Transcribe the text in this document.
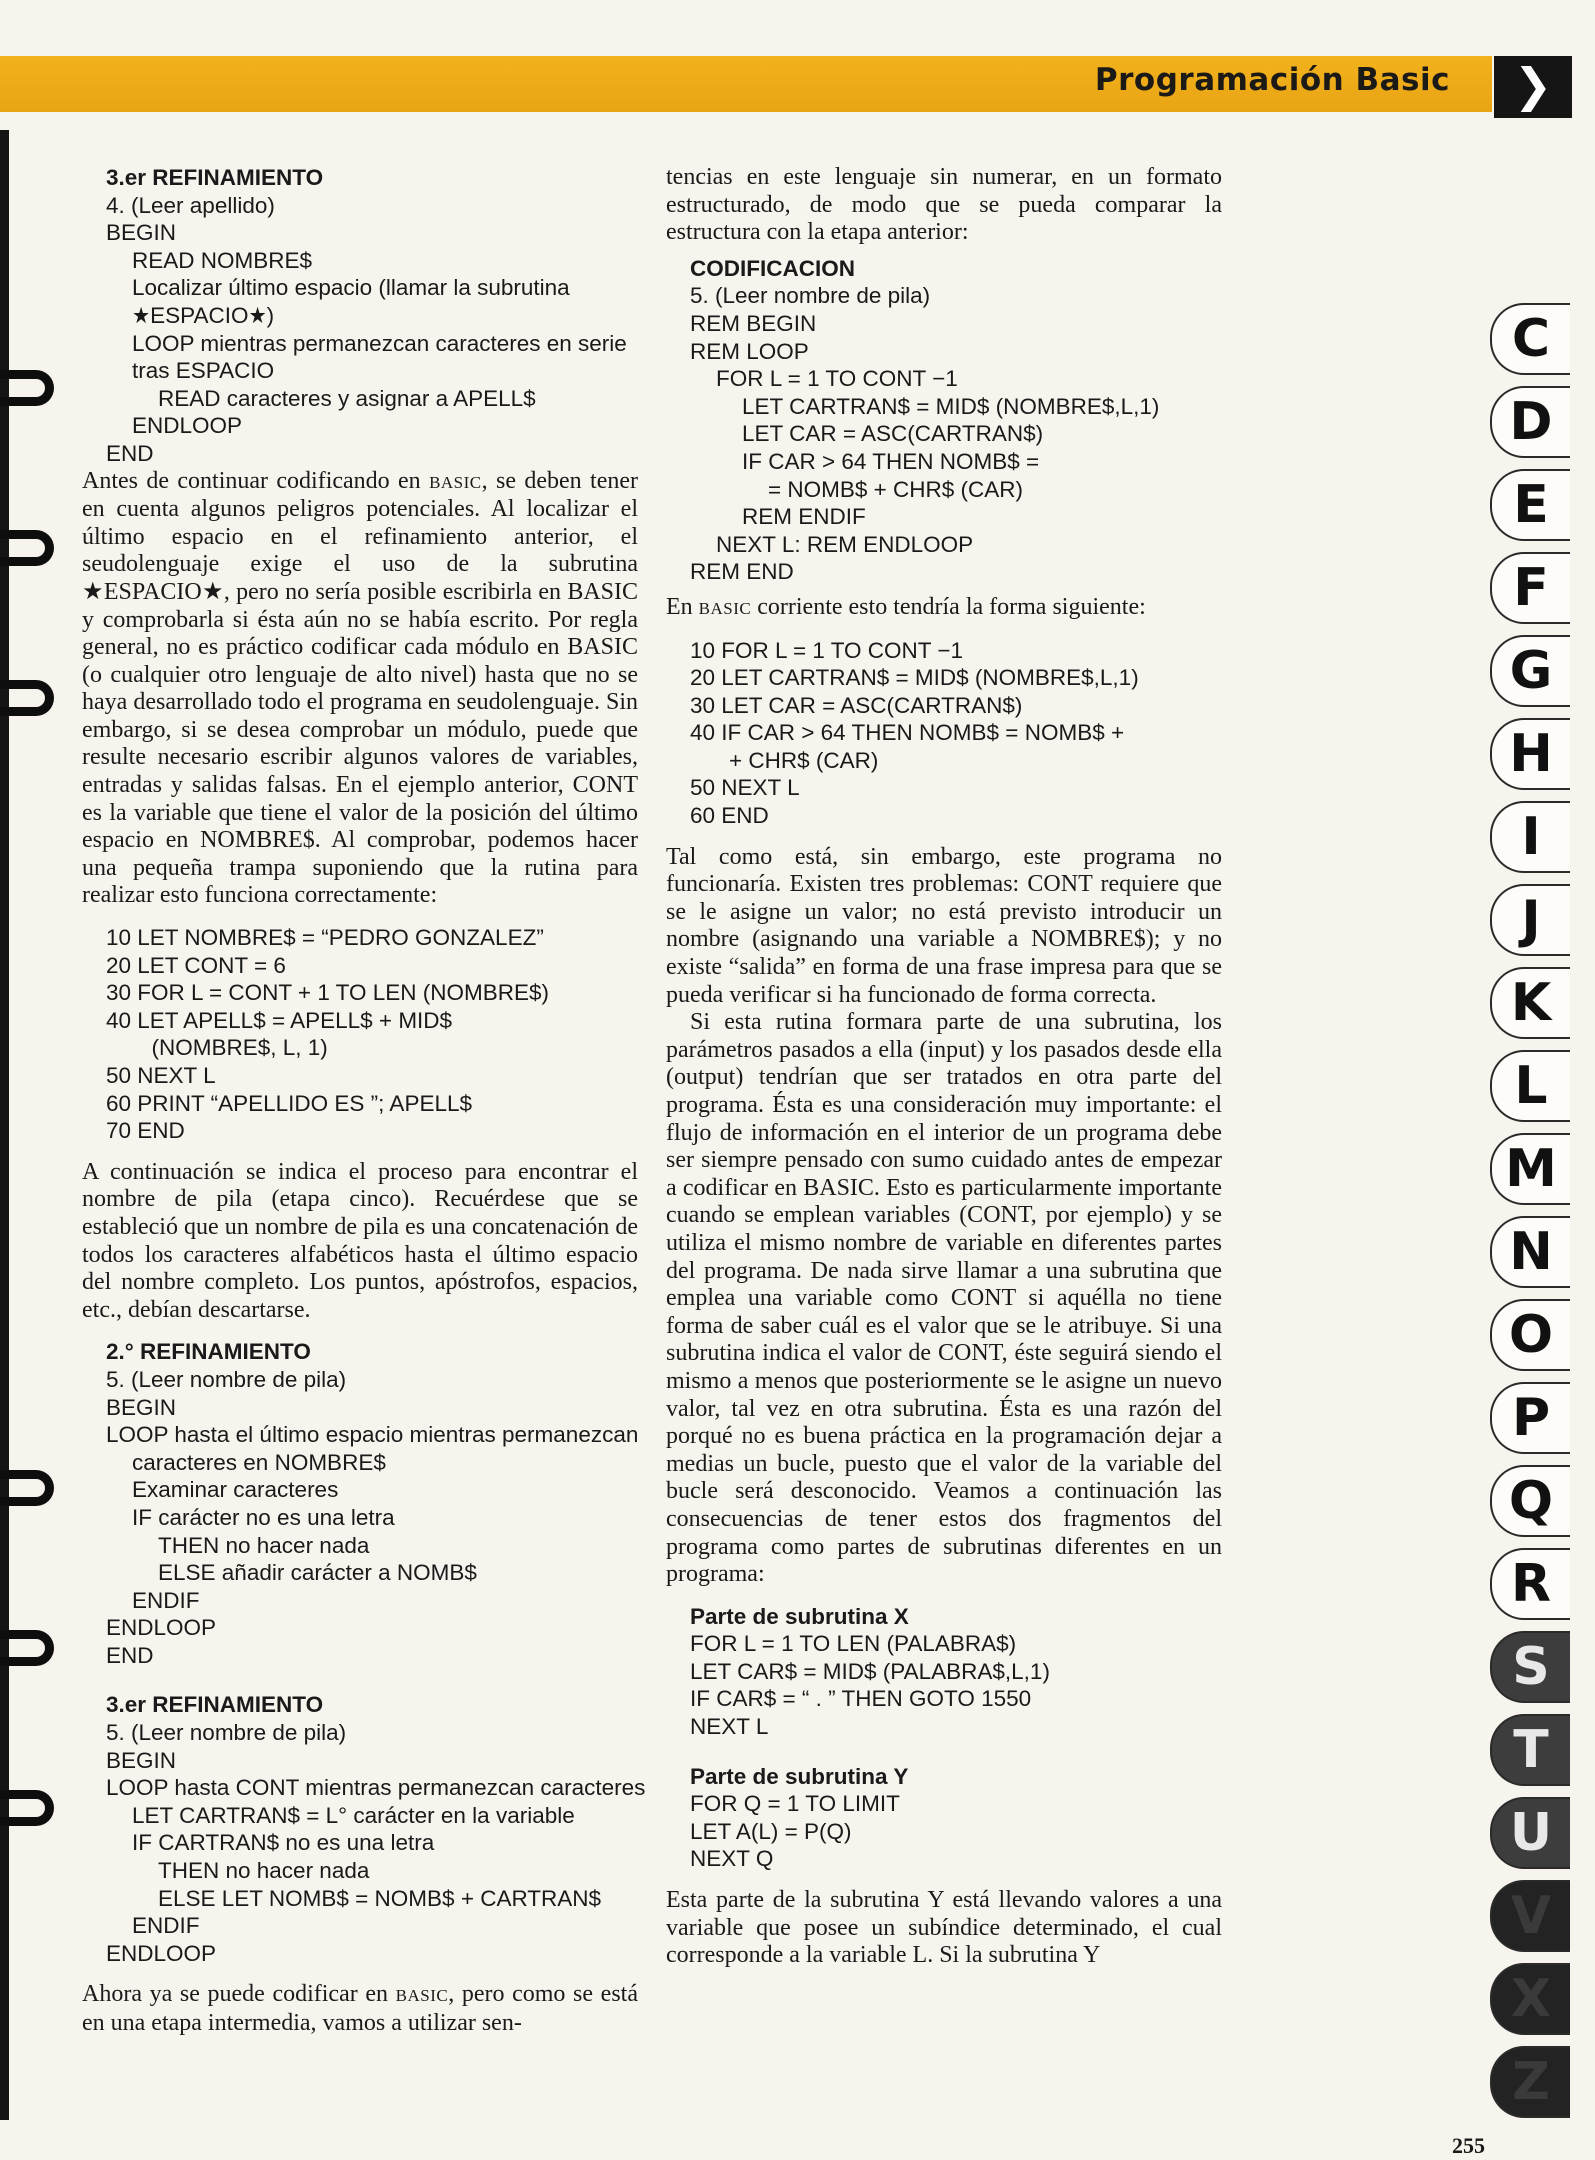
Programación Basic	❯
3.er REFINAMIENTO
4. (Leer apellido)
BEGIN
READ NOMBRE$
Localizar último espacio (llamar la subrutina
★ESPACIO★)
LOOP mientras permanezcan caracteres en serie
tras ESPACIO
READ caracteres y asignar a APELL$
ENDLOOP
END

Antes de continuar codificando en BASIC, se deben tener en cuenta algunos peligros potenciales. Al localizar el último espacio en el refinamiento anterior, el seudolenguaje exige el uso de la subrutina ★ESPACIO★, pero no sería posible escribirla en BASIC y comprobarla si ésta aún no se había escrito. Por regla general, no es práctico codificar cada módulo en BASIC (o cualquier otro lenguaje de alto nivel) hasta que no se haya desarrollado todo el programa en seudolenguaje. Sin embargo, si se desea comprobar un módulo, puede que resulte necesario escribir algunos valores de variables, entradas y salidas falsas. En el ejemplo anterior, CONT es la variable que tiene el valor de la posición del último espacio en NOMBRE$. Al comprobar, podemos hacer una pequeña trampa suponiendo que la rutina para realizar esto funciona correctamente:

10 LET NOMBRE$ = “PEDRO GONZALEZ”
20 LET CONT = 6
30 FOR L = CONT + 1 TO LEN (NOMBRE$)
40 LET APELL$ = APELL$ + MID$
(NOMBRE$, L, 1)
50 NEXT L
60 PRINT “APELLIDO ES ”; APELL$
70 END

A continuación se indica el proceso para encontrar el nombre de pila (etapa cinco). Recuérdese que se estableció que un nombre de pila es una concatenación de todos los caracteres alfabéticos hasta el último espacio del nombre completo. Los puntos, apóstrofos, espacios, etc., debían descartarse.

2.° REFINAMIENTO
5. (Leer nombre de pila)
BEGIN
LOOP hasta el último espacio mientras permanezcan
caracteres en NOMBRE$
Examinar caracteres
IF carácter no es una letra
THEN no hacer nada
ELSE añadir carácter a NOMB$
ENDIF
ENDLOOP
END
3.er REFINAMIENTO
5. (Leer nombre de pila)
BEGIN
LOOP hasta CONT mientras permanezcan caracteres
LET CARTRAN$ = L° carácter en la variable
IF CARTRAN$ no es una letra
THEN no hacer nada
ELSE LET NOMB$ = NOMB$ + CARTRAN$
ENDIF
ENDLOOP

Ahora ya se puede codificar en BASIC, pero como se está en una etapa intermedia, vamos a utilizar sen-

tencias en este lenguaje sin numerar, en un formato estructurado, de modo que se pueda comparar la estructura con la etapa anterior:

CODIFICACION
5. (Leer nombre de pila)
REM BEGIN
REM LOOP
FOR L = 1 TO CONT −1
LET CARTRAN$ = MID$ (NOMBRE$,L,1)
LET CAR = ASC(CARTRAN$)
IF CAR > 64 THEN NOMB$ =
= NOMB$ + CHR$ (CAR)
REM ENDIF
NEXT L: REM ENDLOOP
REM END

En BASIC corriente esto tendría la forma siguiente:

10 FOR L = 1 TO CONT −1
20 LET CARTRAN$ = MID$ (NOMBRE$,L,1)
30 LET CAR = ASC(CARTRAN$)
40 IF CAR > 64 THEN NOMB$ = NOMB$ +
+ CHR$ (CAR)
50 NEXT L
60 END

Tal como está, sin embargo, este programa no funcionaría. Existen tres problemas: CONT requiere que se le asigne un valor; no está previsto introducir un nombre (asignando una variable a NOMBRE$); y no existe “salida” en forma de una frase impresa para que se pueda verificar si ha funcionado de forma correcta.

Si esta rutina formara parte de una subrutina, los parámetros pasados a ella (input) y los pasados desde ella (output) tendrían que ser tratados en otra parte del programa. Ésta es una consideración muy importante: el flujo de información en el interior de un programa debe ser siempre pensado con sumo cuidado antes de empezar a codificar en BASIC. Esto es particularmente importante cuando se emplean variables (CONT, por ejemplo) y se utiliza el mismo nombre de variable en diferentes partes del programa. De nada sirve llamar a una subrutina que emplea una variable como CONT si aquélla no tiene forma de saber cuál es el valor que se le atribuye. Si una subrutina indica el valor de CONT, éste seguirá siendo el mismo a menos que posteriormente se le asigne un nuevo valor, tal vez en otra subrutina. Ésta es una razón del porqué no es buena práctica en la programación dejar a medias un bucle, puesto que el valor de la variable del bucle será desconocido. Veamos a continuación las consecuencias de tener estos dos fragmentos del programa como partes de subrutinas diferentes en un programa:

Parte de subrutina X
FOR L = 1 TO LEN (PALABRA$)
LET CAR$ = MID$ (PALABRA$,L,1)
IF CAR$ = “ . ” THEN GOTO 1550
NEXT L
Parte de subrutina Y
FOR Q = 1 TO LIMIT
LET A(L) = P(Q)
NEXT Q

Esta parte de la subrutina Y está llevando valores a una variable que posee un subíndice determinado, el cual corresponde a la variable L. Si la subrutina Y

C
D
E
F
G
H
I
J
K
L
M
N
O
P
Q
R
S
T
U
V
X
Z
255
